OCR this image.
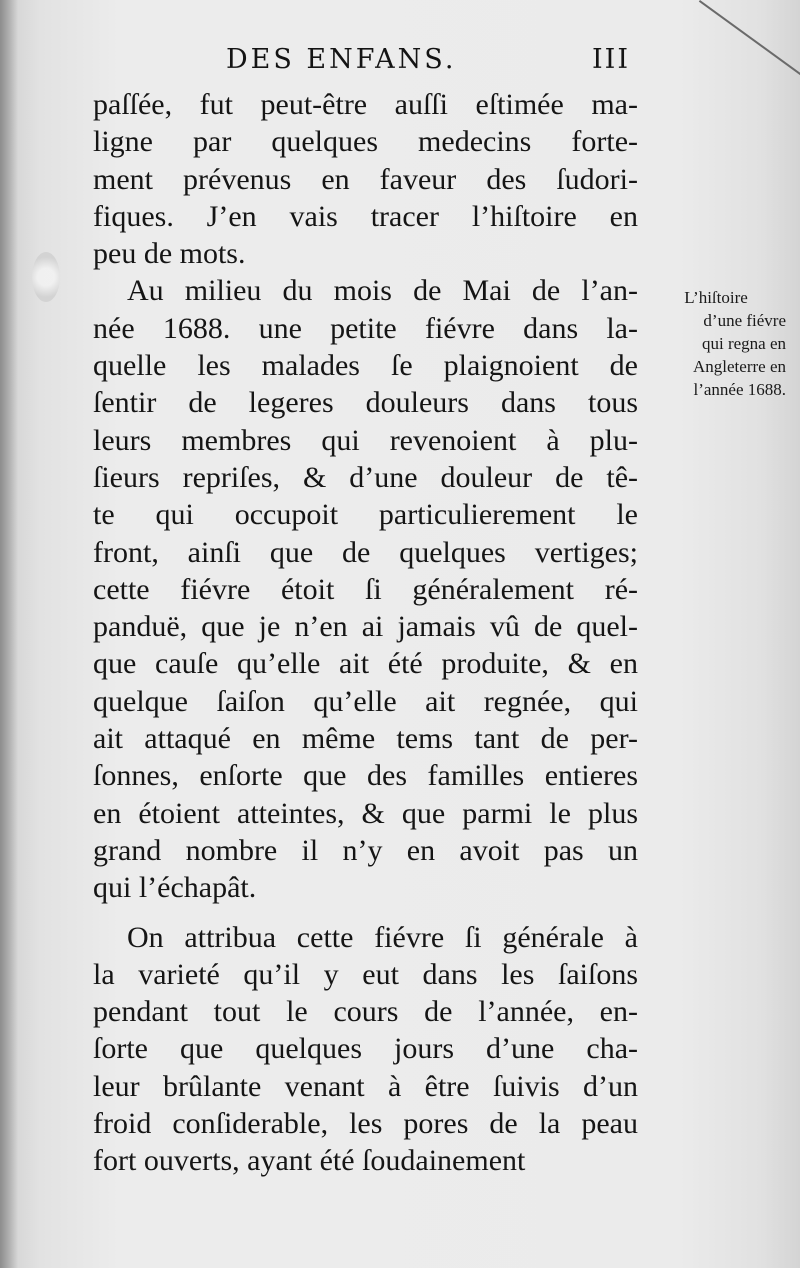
DES ENFANS.	III
paſſée, fut peut-être auſſi eſtimée ma-
ligne par quelques medecins forte-
ment prévenus en faveur des ſudori-
fiques. J’en vais tracer l’hiſtoire en
peu de mots.
Au milieu du mois de Mai de l’an-
née 1688. une petite fiévre dans la-
quelle les malades ſe plaignoient de
ſentir de legeres douleurs dans tous
leurs membres qui revenoient à plu-
ſieurs repriſes, & d’une douleur de tê-
te qui occupoit particulierement le
front, ainſi que de quelques vertiges;
cette fiévre étoit ſi généralement ré-
panduë, que je n’en ai jamais vû de quel-
que cauſe qu’elle ait été produite, & en
quelque ſaiſon qu’elle ait regnée, qui
ait attaqué en même tems tant de per-
ſonnes, enſorte que des familles entieres
en étoient atteintes, & que parmi le plus
grand nombre il n’y en avoit pas un
qui l’échapât.
On attribua cette fiévre ſi générale à
la varieté qu’il y eut dans les ſaiſons
pendant tout le cours de l’année, en-
ſorte que quelques jours d’une cha-
leur brûlante venant à être ſuivis d’un
froid conſiderable, les pores de la peau
fort ouverts, ayant été ſoudainement
L’hiſtoire
d’une fiévre
qui regna en
Angleterre en
l’année 1688.
